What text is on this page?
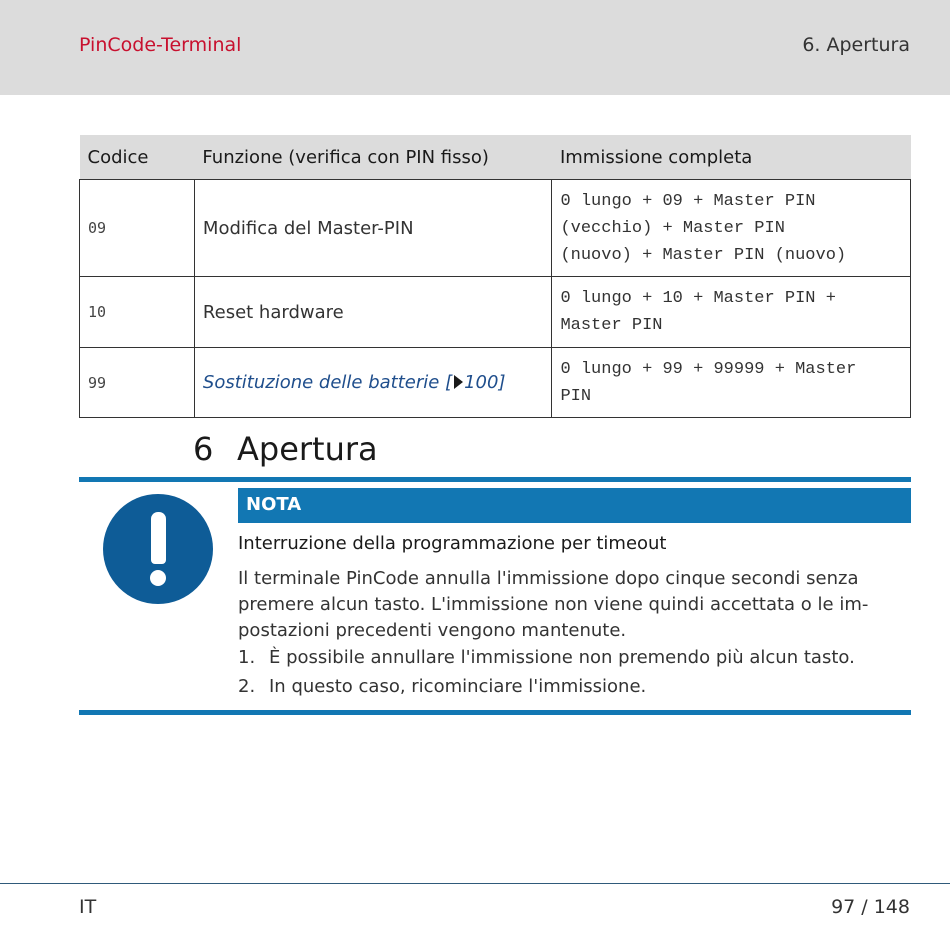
PinCode-Terminal	6. Apertura
Codice	Funzione (verifica con PIN fisso)	Immissione completa
09	Modifica del Master-PIN	0 lungo + 09 + Master PIN
(vecchio) + Master PIN
(nuovo) + Master PIN (nuovo)

10	Reset hardware	0 lungo + 10 + Master PIN +
Master PIN

99	Sostituzione delle batterie [ 100]	0 lungo + 99 + 99999 + Master
PIN
6 Apertura
NOTA
Interruzione della programmazione per timeout
Il terminale PinCode annulla l'immissione dopo cinque secondi senza premere alcun tasto. L'immissione non viene quindi accettata o le im-postazioni precedenti vengono mantenute.
1. È possibile annullare l'immissione non premendo più alcun tasto.
2. In questo caso, ricominciare l'immissione.
IT	97 / 148
